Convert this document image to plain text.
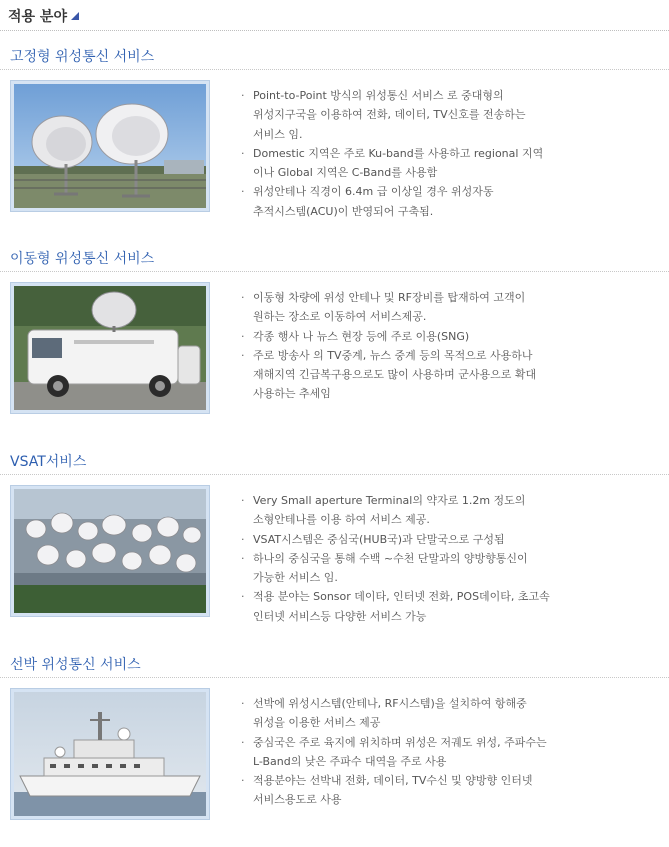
적용 분야
고정형 위성통신 서비스
· Point-to-Point 방식의 위성통신 서비스 로 중대형의
위성지구국을 이용하여 전화, 데이터, TV신호를 전송하는
서비스 임.
· Domestic 지역은 주로 Ku-band를 사용하고 regional 지역
이나 Global 지역은 C-Band를 사용함
· 위성안테나 직경이 6.4m 급 이상일 경우 위성자동
추적시스템(ACU)이 반영되어 구축됨.
이동형 위성통신 서비스
· 이동형 차량에 위성 안테나 및 RF장비를 탑재하여 고객이
원하는 장소로 이동하여 서비스제공.
· 각종 행사 나 뉴스 현장 등에 주로 이용(SNG)
· 주로 방송사 의 TV중계, 뉴스 중계 등의 목적으로 사용하나
재해지역 긴급복구용으로도 많이 사용하며 군사용으로 확대
사용하는 추세임
VSAT서비스
· Very Small aperture Terminal의 약자로 1.2m 정도의
소형안테나를 이용 하여 서비스 제공.
· VSAT시스템은 중심국(HUB국)과 단말국으로 구성됨
· 하나의 중심국을 통해 수백 ~수천 단말과의 양방향통신이
가능한 서비스 임.
· 적용 분야는 Sonsor 데이타, 인터넷 전화, POS데이타, 초고속
인터넷 서비스등 다양한 서비스 가능
선박 위성통신 서비스
· 선박에 위성시스템(안테나, RF시스템)을 설치하여 항해중
위성을 이용한 서비스 제공
· 중심국은 주로 육지에 위치하며 위성은 저궤도 위성, 주파수는
L-Band의 낮은 주파수 대역을 주로 사용
· 적용분야는 선박내 전화, 데이터, TV수신 및 양방향 인터넷
서비스용도로 사용
